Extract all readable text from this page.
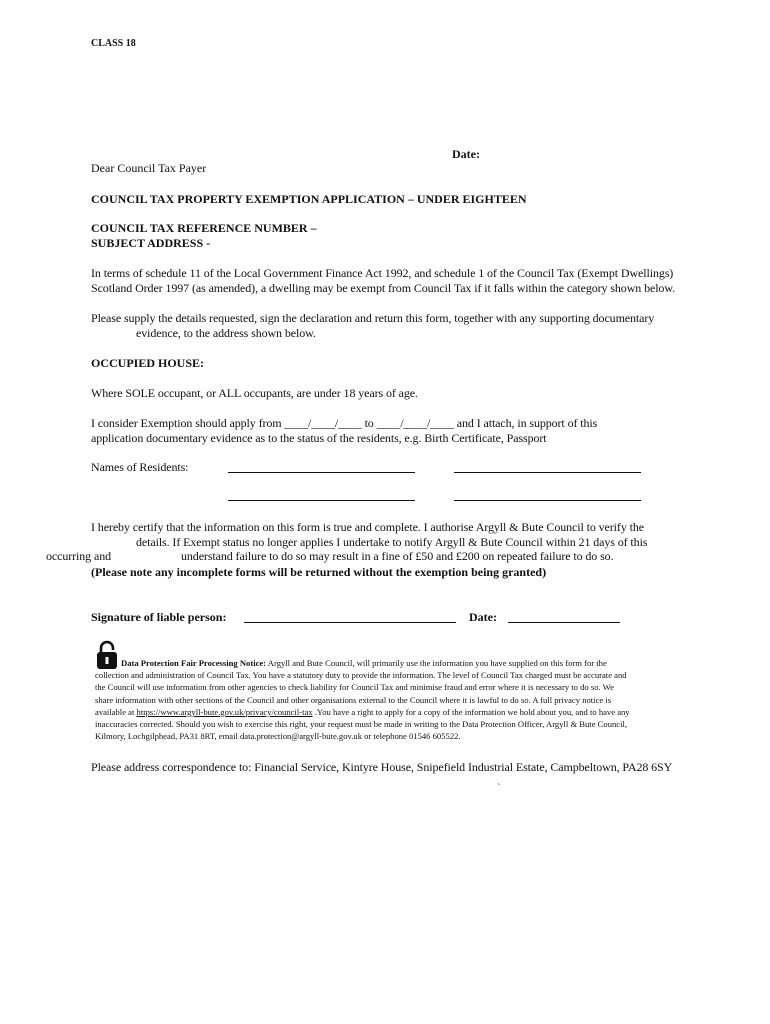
CLASS 18
Date:
Dear Council Tax Payer
COUNCIL TAX PROPERTY EXEMPTION APPLICATION – UNDER EIGHTEEN
COUNCIL TAX REFERENCE NUMBER –
SUBJECT ADDRESS -
In terms of schedule 11 of the Local Government Finance Act 1992, and schedule 1 of the Council Tax (Exempt Dwellings)
Scotland Order 1997 (as amended), a dwelling may be exempt from Council Tax if it falls within the category shown below.
Please supply the details requested, sign the declaration and return this form, together with any supporting documentary
evidence, to the address shown below.
OCCUPIED HOUSE:
Where SOLE occupant, or ALL occupants, are under 18 years of age.
I consider Exemption should apply from ____/____/____ to ____/____/____ and I attach, in support of this
application documentary evidence as to the status of the residents, e.g. Birth Certificate, Passport
Names of Residents:
I hereby certify that the information on this form is true and complete. I authorise Argyll & Bute Council to verify the
details. If Exempt status no longer applies I undertake to notify Argyll & Bute Council within 21 days of this
occurring and	understand failure to do so may result in a fine of £50 and £200 on repeated failure to do so.
(Please note any incomplete forms will be returned without the exemption being granted)
Signature of liable person:	Date:
Data Protection Fair Processing Notice: Argyll and Bute Council, will primarily use the information you have supplied on this form for the
collection and administration of Council Tax. You have a statutory duty to provide the information. The level of Council Tax charged must be accurate and
the Council will use information from other agencies to check liability for Council Tax and minimise fraud and error where it is necessary to do so. We
share information with other sections of the Council and other organisations external to the Council where it is lawful to do so. A full privacy notice is
available at https://www.argyll-bute.gov.uk/privacy/council-tax .You have a right to apply for a copy of the information we hold about you, and to have any
inaccuracies corrected. Should you wish to exercise this right, your request must be made in writing to the Data Protection Officer, Argyll & Bute Council,
Kilmory, Lochgilphead, PA31 8RT, email data.protection@argyll-bute.gov.uk or telephone 01546 605522.
Please address correspondence to: Financial Service, Kintyre House, Snipefield Industrial Estate, Campbeltown, PA28 6SY
`
